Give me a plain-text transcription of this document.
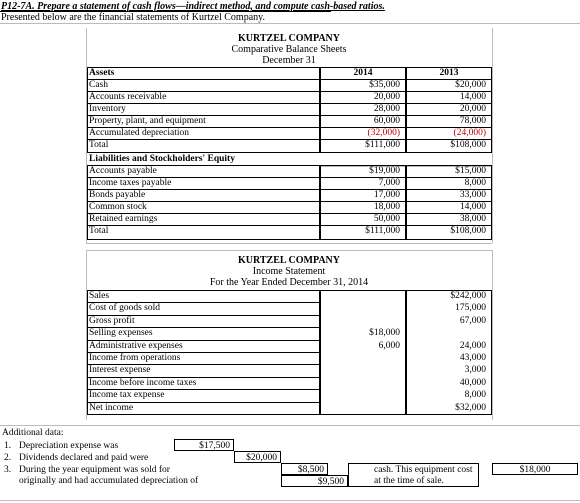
P12-7A. Prepare a statement of cash flows—indirect method, and compute cash-based ratios.
Presented below are the financial statements of Kurtzel Company.
KURTZEL COMPANY
Comparative Balance Sheets
December 31
Assets	2014	2013
Cash	$35,000	$20,000
Accounts receivable	20,000	14,000
Inventory	28,000	20,000
Property, plant, and equipment	60,000	78,000
Accumulated depreciation	(32,000)	(24,000)
Total	$111,000	$108,000
Liabilities and Stockholders' Equity
Accounts payable	$19,000	$15,000
Income taxes payable	7,000	8,000
Bonds payable	17,000	33,000
Common stock	18,000	14,000
Retained earnings	50,000	38,000
Total	$111,000	$108,000
KURTZEL COMPANY
Income Statement
For the Year Ended December 31, 2014
Sales	$242,000
Cost of goods sold	175,000
Gross profit	67,000
Selling expenses	$18,000
Administrative expenses	6,000	24,000
Income from operations	43,000
Interest expense	3,000
Income before income taxes	40,000
Income tax expense	8,000
Net income	$32,000
Additional data:
1. Depreciation expense was	$17,500
2. Dividends declared and paid were	$20,000
3. During the year equipment was sold for
originally and had accumulated depreciation of
$8,500
$9,500
cash. This equipment cost
at the time of sale.
$18,000
